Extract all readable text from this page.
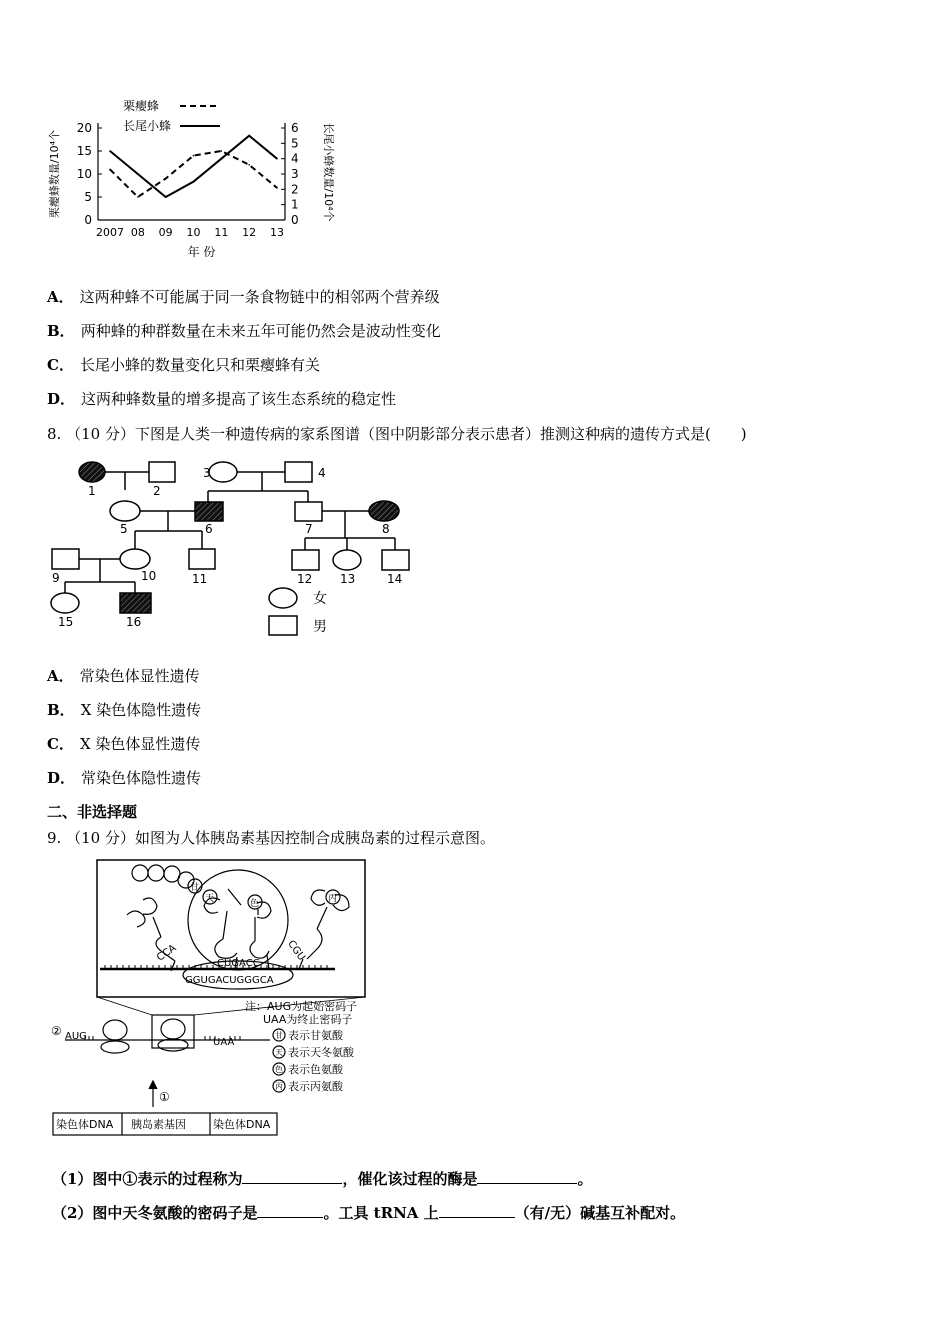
0
5
10
15
20
0
1
2
3
4
5
6
2007 08 09 10 11 12 13
栗瘿蜂
长尾小蜂
栗瘿蜂数量/10⁴个	长尾小蜂数量/10⁴个
年 份
A． 这两种蜂不可能属于同一条食物链中的相邻两个营养级
B． 两种蜂的种群数量在未来五年可能仍然会是波动性变化
C． 长尾小蜂的数量变化只和栗瘿蜂有关
D． 这两种蜂数量的增多提高了该生态系统的稳定性
8. （10 分）下图是人类一种遗传病的家系图谱（图中阴影部分表示患者）推测这种病的遗传方式是(　　)
1	2
3	4
5	6	7	8
9	10	11	12 13	14
15	16
女
男
A． 常染色体显性遗传
B． X 染色体隐性遗传
C． X 染色体显性遗传
D． 常染色体隐性遗传
二、非选择题
9. （10 分）如图为人体胰岛素基因控制合成胰岛素的过程示意图。
甘
天	色	丙
CCA	CUGACC
CGU
GGUGACUGGGCA
注：AUG为起始密码子
UAA为终止密码子
甘
天
色
丙
表示甘氨酸
表示天冬氨酸
表示色氨酸
表示丙氨酸
② AUG
UAA
①
染色体DNA 胰岛素基因 染色体DNA
（1）图中①表示的过程称为	，催化该过程的酶是	。
（2）图中天冬氨酸的密码子是	。工具 tRNA 上	（有/无）碱基互补配对。
